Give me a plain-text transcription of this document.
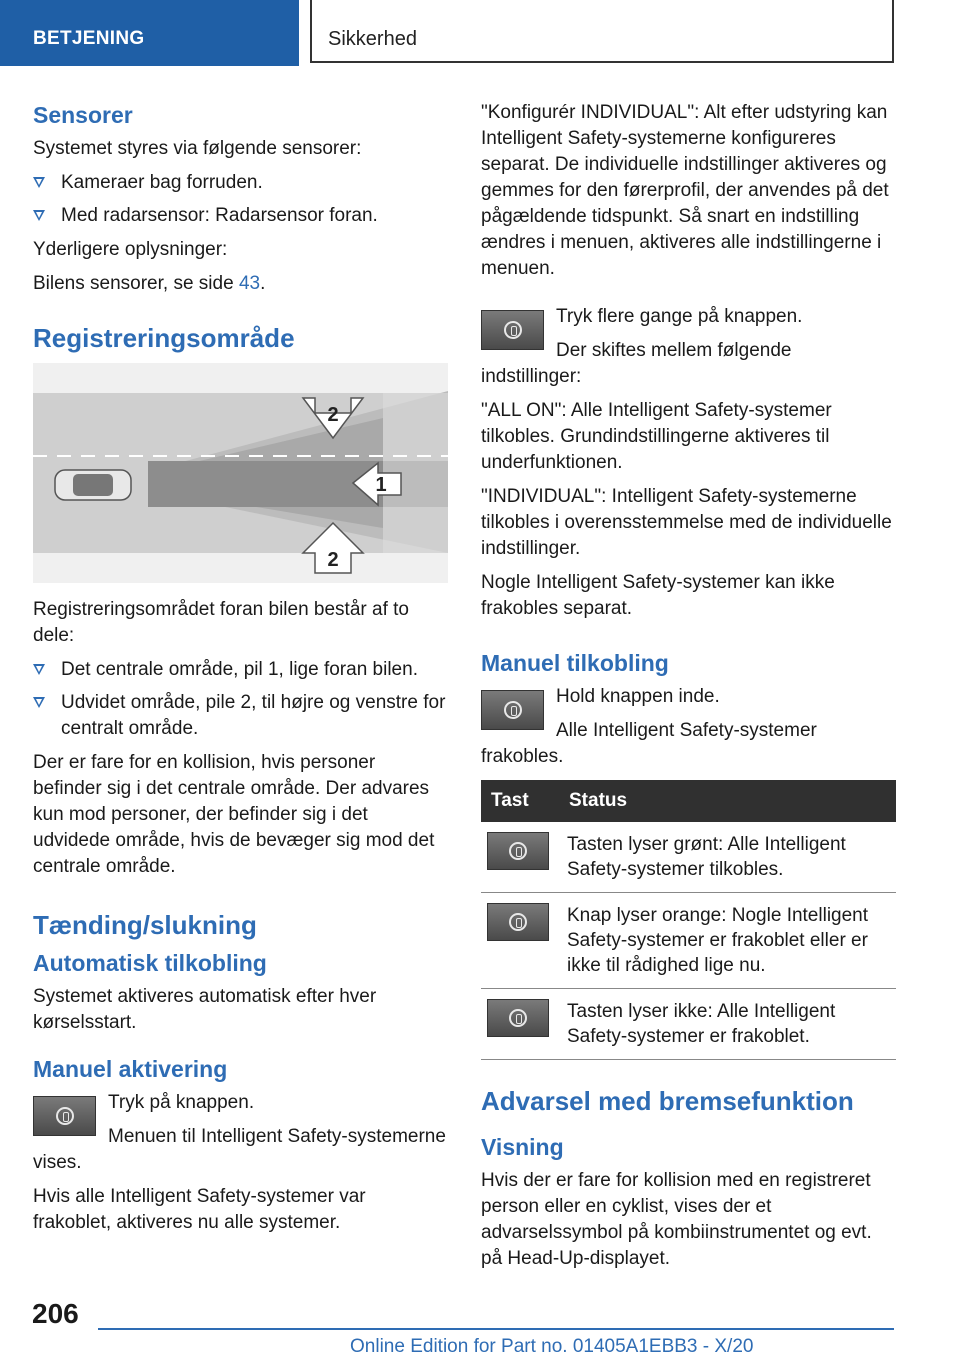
BETJENING	Sikkerhed
Sensorer

Systemet styres via følgende sensorer:

Kameraer bag forruden.
Med radarsensor: Radarsensor foran.

Yderligere oplysninger:

Bilens sensorer, se side 43.

Registreringsområde
2
1
2

Registreringsområdet foran bilen består af to dele:

Det centrale område, pil 1, lige foran bilen.
Udvidet område, pile 2, til højre og venstre for centralt område.

Der er fare for en kollision, hvis personer befinder sig i det centrale område. Der advares kun mod personer, der befinder sig i det udvidede område, hvis de bevæger sig mod det centrale område.

Tænding/slukning
Automatisk tilkobling

Systemet aktiveres automatisk efter hver kørselsstart.

Manuel aktivering

Tryk på knappen.

Menuen til Intelligent Safety-systemerne vises.

Hvis alle Intelligent Safety-systemer var frakoblet, aktiveres nu alle systemer.

"Konfigurér INDIVIDUAL": Alt efter udstyring kan Intelligent Safety-systemerne konfigureres separat. De individuelle indstillinger aktiveres og gemmes for den førerprofil, der anvendes på det pågældende tidspunkt. Så snart en indstilling ændres i menuen, aktiveres alle indstillingerne i menuen.

Tryk flere gange på knappen.

Der skiftes mellem følgende indstillinger:

"ALL ON": Alle Intelligent Safety-systemer tilkobles. Grundindstillingerne aktiveres til underfunktionen.

"INDIVIDUAL": Intelligent Safety-systemerne tilkobles i overensstemmelse med de individuelle indstillinger.

Nogle Intelligent Safety-systemer kan ikke frakobles separat.

Manuel tilkobling

Hold knappen inde.

Alle Intelligent Safety-systemer frakobles.

Tast	Status

	Tasten lyser grønt: Alle Intelligent Safety-systemer tilkobles.

	Knap lyser orange: Nogle Intelligent Safety-systemer er frakoblet eller er ikke til rådighed lige nu.

	Tasten lyser ikke: Alle Intelligent Safety-systemer er frakoblet.
Advarsel med bremsefunktion
Visning

Hvis der er fare for kollision med en registreret person eller en cyklist, vises der et advarselssymbol på kombiinstrumentet og evt. på Head-Up-displayet.

206
Online Edition for Part no. 01405A1EBB3 - X/20
